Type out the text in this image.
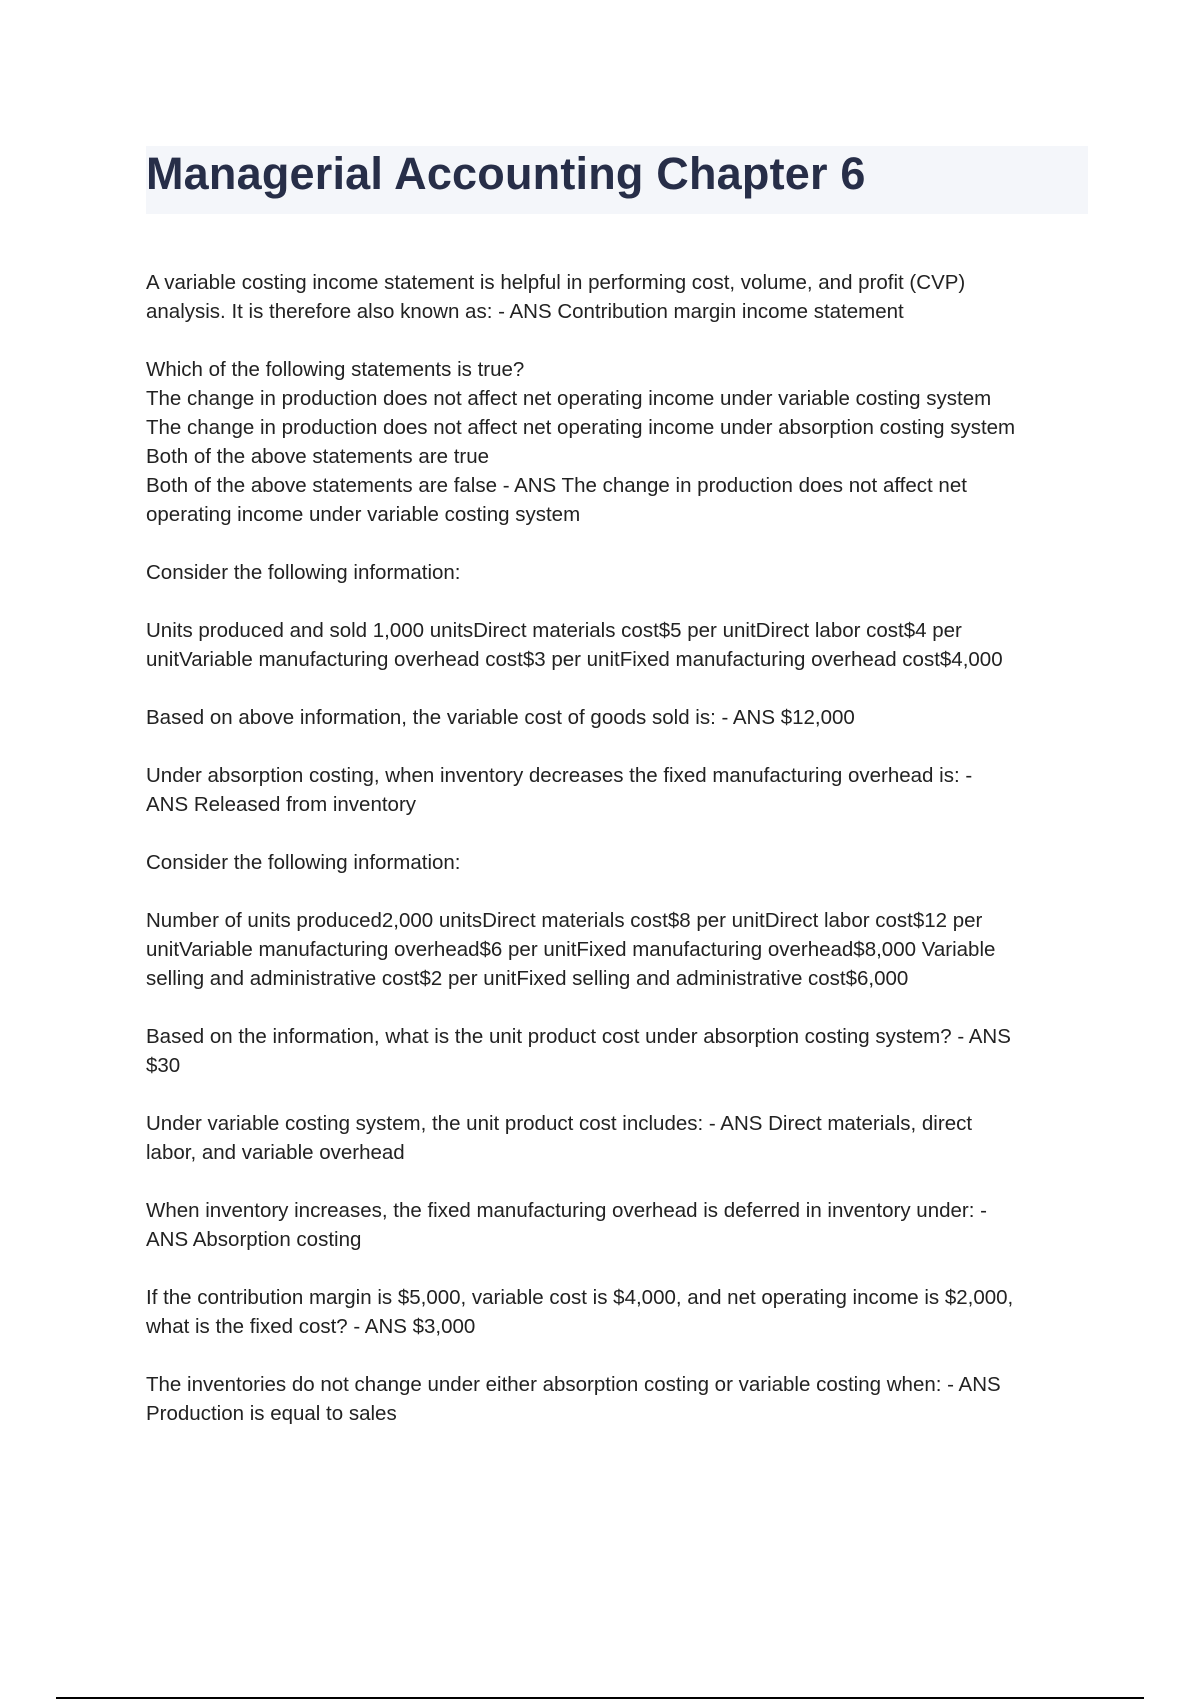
Managerial Accounting Chapter 6

A variable costing income statement is helpful in performing cost, volume, and profit (CVP)
analysis. It is therefore also known as: - ANS Contribution margin income statement

Which of the following statements is true?
The change in production does not affect net operating income under variable costing system
The change in production does not affect net operating income under absorption costing system
Both of the above statements are true
Both of the above statements are false - ANS The change in production does not affect net
operating income under variable costing system

Consider the following information:

Units produced and sold 1,000 unitsDirect materials cost$5 per unitDirect labor cost$4 per
unitVariable manufacturing overhead cost$3 per unitFixed manufacturing overhead cost$4,000

Based on above information, the variable cost of goods sold is: - ANS $12,000

Under absorption costing, when inventory decreases the fixed manufacturing overhead is: -
ANS Released from inventory

Consider the following information:

Number of units produced2,000 unitsDirect materials cost$8 per unitDirect labor cost$12 per
unitVariable manufacturing overhead$6 per unitFixed manufacturing overhead$8,000 Variable
selling and administrative cost$2 per unitFixed selling and administrative cost$6,000

Based on the information, what is the unit product cost under absorption costing system? - ANS
$30

Under variable costing system, the unit product cost includes: - ANS Direct materials, direct
labor, and variable overhead

When inventory increases, the fixed manufacturing overhead is deferred in inventory under: -
ANS Absorption costing

If the contribution margin is $5,000, variable cost is $4,000, and net operating income is $2,000,
what is the fixed cost? - ANS $3,000

The inventories do not change under either absorption costing or variable costing when: - ANS
Production is equal to sales
